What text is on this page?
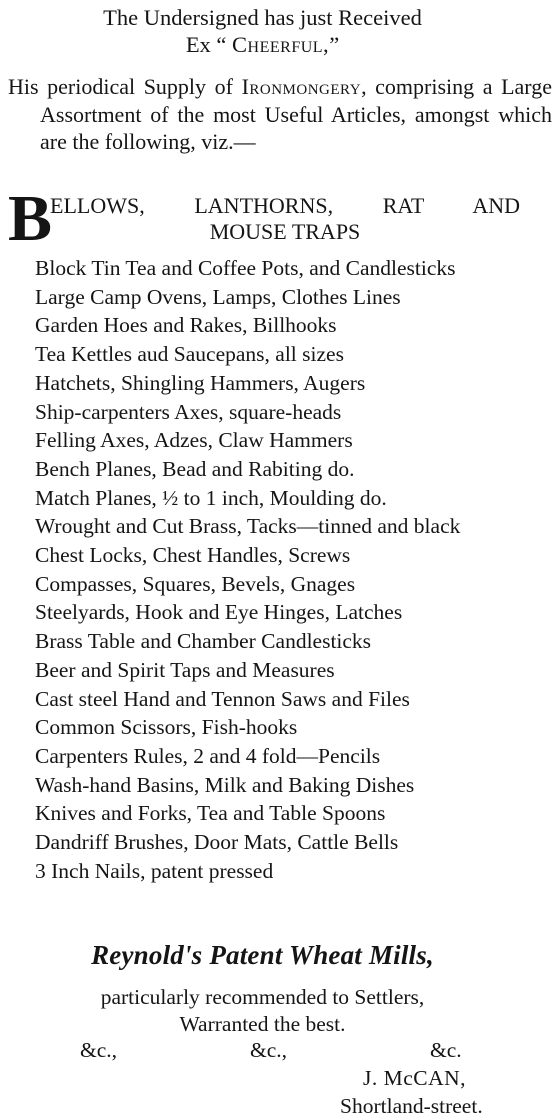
The Undersigned has just Received
Ex “ Cheerful,”
His periodical Supply of Ironmongery, comprising a Large Assortment of the most Useful Articles, amongst which are the following, viz.—
B
ELLOWS, LANTHORNS, RAT AND
MOUSE TRAPS
Block Tin Tea and Coffee Pots, and Candlesticks
Large Camp Ovens, Lamps, Clothes Lines
Garden Hoes and Rakes, Billhooks
Tea Kettles aud Saucepans, all sizes
Hatchets, Shingling Hammers, Augers
Ship-carpenters Axes, square-heads
Felling Axes, Adzes, Claw Hammers
Bench Planes, Bead and Rabiting do.
Match Planes, ½ to 1 inch, Moulding do.
Wrought and Cut Brass, Tacks—tinned and black
Chest Locks, Chest Handles, Screws
Compasses, Squares, Bevels, Gnages
Steelyards, Hook and Eye Hinges, Latches
Brass Table and Chamber Candlesticks
Beer and Spirit Taps and Measures
Cast steel Hand and Tennon Saws and Files
Common Scissors, Fish-hooks
Carpenters Rules, 2 and 4 fold—Pencils
Wash-hand Basins, Milk and Baking Dishes
Knives and Forks, Tea and Table Spoons
Dandriff Brushes, Door Mats, Cattle Bells
3 Inch Nails, patent pressed
Reynold's Patent Wheat Mills,
particularly recommended to Settlers,
Warranted the best.
&c.,	&c.,	&c.
J. McCAN,
Shortland-street.
